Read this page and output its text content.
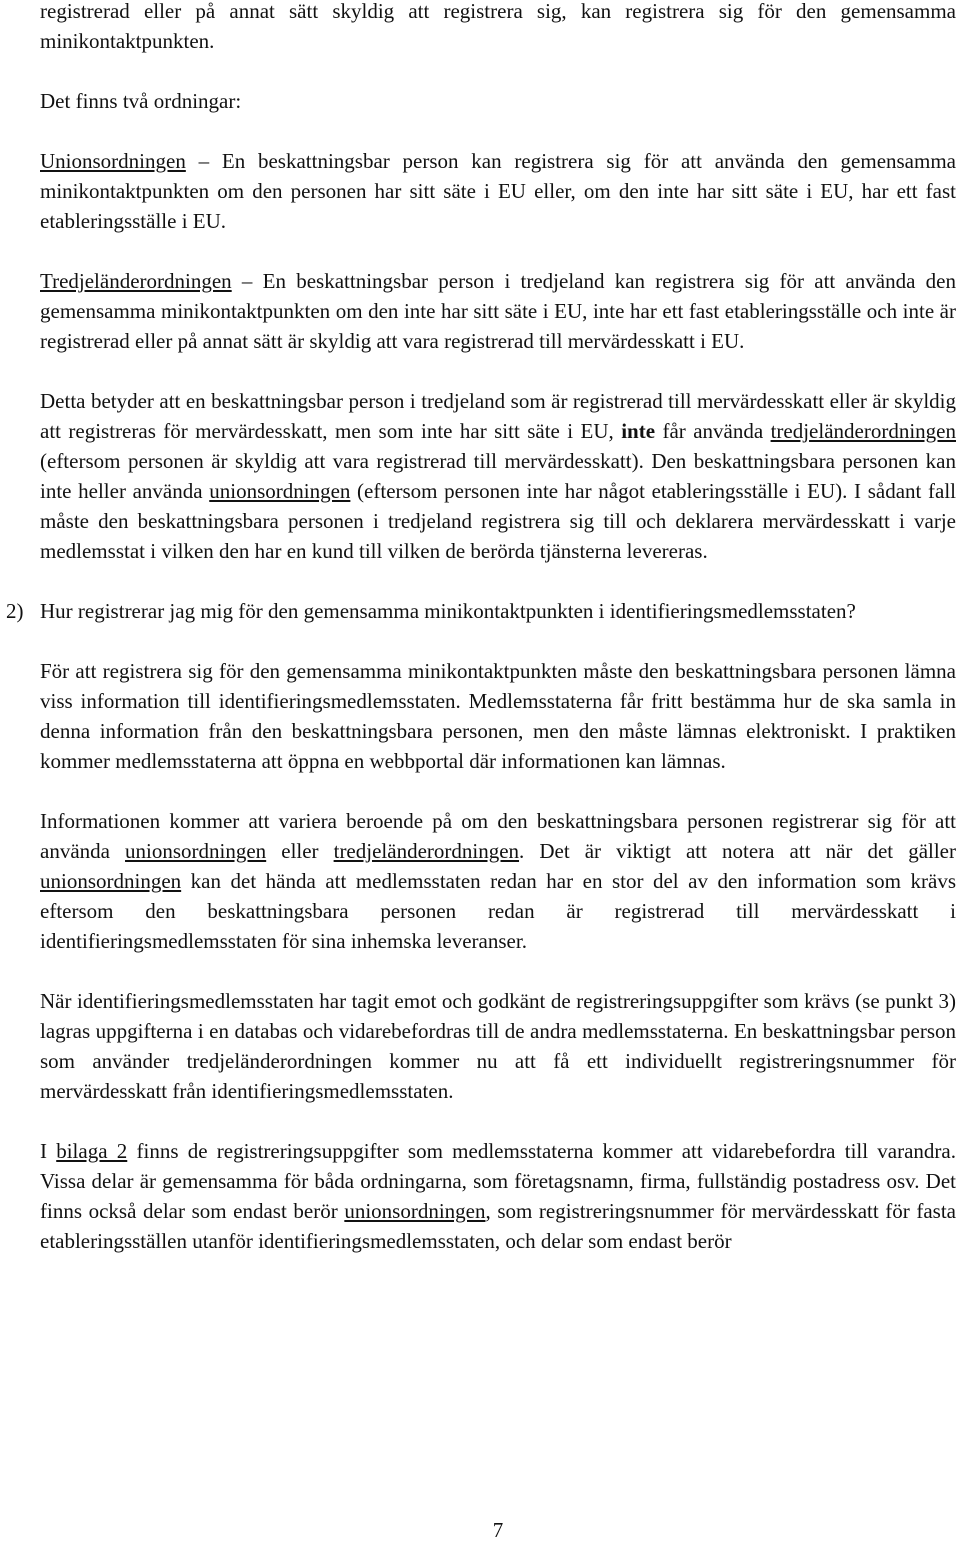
registrerad eller på annat sätt skyldig att registrera sig, kan registrera sig för den gemensamma minikontaktpunkten.

Det finns två ordningar:

Unionsordningen – En beskattningsbar person kan registrera sig för att använda den gemensamma minikontaktpunkten om den personen har sitt säte i EU eller, om den inte har sitt säte i EU, har ett fast etableringsställe i EU.

Tredjeländerordningen – En beskattningsbar person i tredjeland kan registrera sig för att använda den gemensamma minikontaktpunkten om den inte har sitt säte i EU, inte har ett fast etableringsställe och inte är registrerad eller på annat sätt är skyldig att vara registrerad till mervärdesskatt i EU.

Detta betyder att en beskattningsbar person i tredjeland som är registrerad till mervärdesskatt eller är skyldig att registreras för mervärdesskatt, men som inte har sitt säte i EU, inte får använda tredjeländerordningen (eftersom personen är skyldig att vara registrerad till mervärdesskatt). Den beskattningsbara personen kan inte heller använda unionsordningen (eftersom personen inte har något etableringsställe i EU). I sådant fall måste den beskattningsbara personen i tredjeland registrera sig till och deklarera mervärdesskatt i varje medlemsstat i vilken den har en kund till vilken de berörda tjänsterna levereras.

2) Hur registrerar jag mig för den gemensamma minikontaktpunkten i identifieringsmedlemsstaten?

För att registrera sig för den gemensamma minikontaktpunkten måste den beskattningsbara personen lämna viss information till identifieringsmedlemsstaten. Medlemsstaterna får fritt bestämma hur de ska samla in denna information från den beskattningsbara personen, men den måste lämnas elektroniskt. I praktiken kommer medlemsstaterna att öppna en webbportal där informationen kan lämnas.

Informationen kommer att variera beroende på om den beskattningsbara personen registrerar sig för att använda unionsordningen eller tredjeländerordningen. Det är viktigt att notera att när det gäller unionsordningen kan det hända att medlemsstaten redan har en stor del av den information som krävs eftersom den beskattningsbara personen redan är registrerad till mervärdesskatt i identifieringsmedlemsstaten för sina inhemska leveranser.

När identifieringsmedlemsstaten har tagit emot och godkänt de registreringsuppgifter som krävs (se punkt 3) lagras uppgifterna i en databas och vidarebefordras till de andra medlemsstaterna. En beskattningsbar person som använder tredjeländerordningen kommer nu att få ett individuellt registreringsnummer för mervärdesskatt från identifieringsmedlemsstaten.

I bilaga 2 finns de registreringsuppgifter som medlemsstaterna kommer att vidarebefordra till varandra. Vissa delar är gemensamma för båda ordningarna, som företagsnamn, firma, fullständig postadress osv. Det finns också delar som endast berör unionsordningen, som registreringsnummer för mervärdesskatt för fasta etableringsställen utanför identifieringsmedlemsstaten, och delar som endast berör

7
